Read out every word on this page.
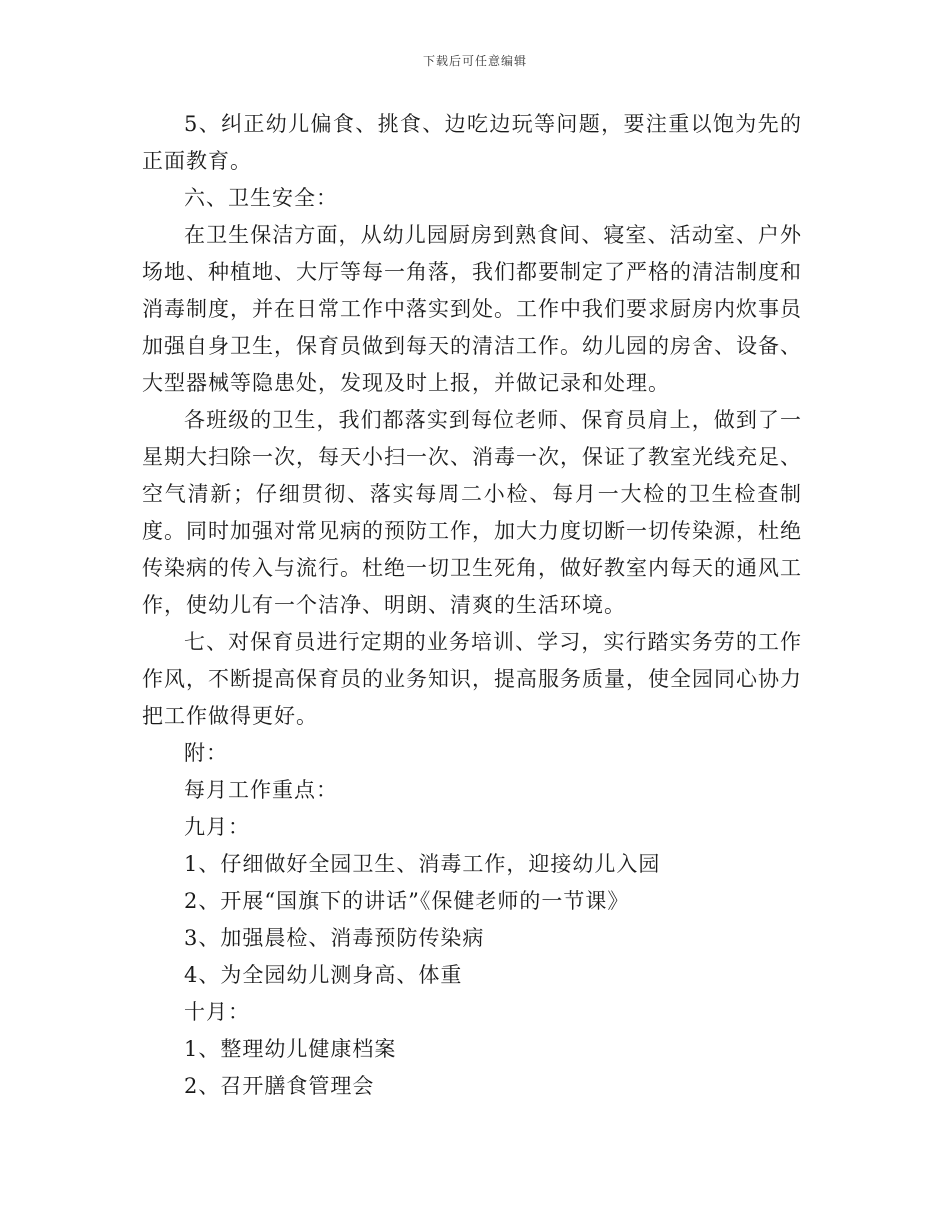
下载后可任意编辑

5、纠正幼儿偏食、挑食、边吃边玩等问题，要注重以饱为先的正面教育。

六、卫生安全：

在卫生保洁方面，从幼儿园厨房到熟食间、寝室、活动室、户外场地、种植地、大厅等每一角落，我们都要制定了严格的清洁制度和消毒制度，并在日常工作中落实到处。工作中我们要求厨房内炊事员加强自身卫生，保育员做到每天的清洁工作。幼儿园的房舍、设备、大型器械等隐患处，发现及时上报，并做记录和处理。

各班级的卫生，我们都落实到每位老师、保育员肩上，做到了一星期大扫除一次，每天小扫一次、消毒一次，保证了教室光线充足、空气清新；仔细贯彻、落实每周二小检、每月一大检的卫生检查制度。同时加强对常见病的预防工作，加大力度切断一切传染源，杜绝传染病的传入与流行。杜绝一切卫生死角，做好教室内每天的通风工作，使幼儿有一个洁净、明朗、清爽的生活环境。

七、对保育员进行定期的业务培训、学习，实行踏实务劳的工作作风，不断提高保育员的业务知识，提高服务质量，使全园同心协力把工作做得更好。

附：

每月工作重点：

九月：

1、仔细做好全园卫生、消毒工作，迎接幼儿入园

2、开展“国旗下的讲话”《保健老师的一节课》

3、加强晨检、消毒预防传染病

4、为全园幼儿测身高、体重

十月：

1、整理幼儿健康档案

2、召开膳食管理会
